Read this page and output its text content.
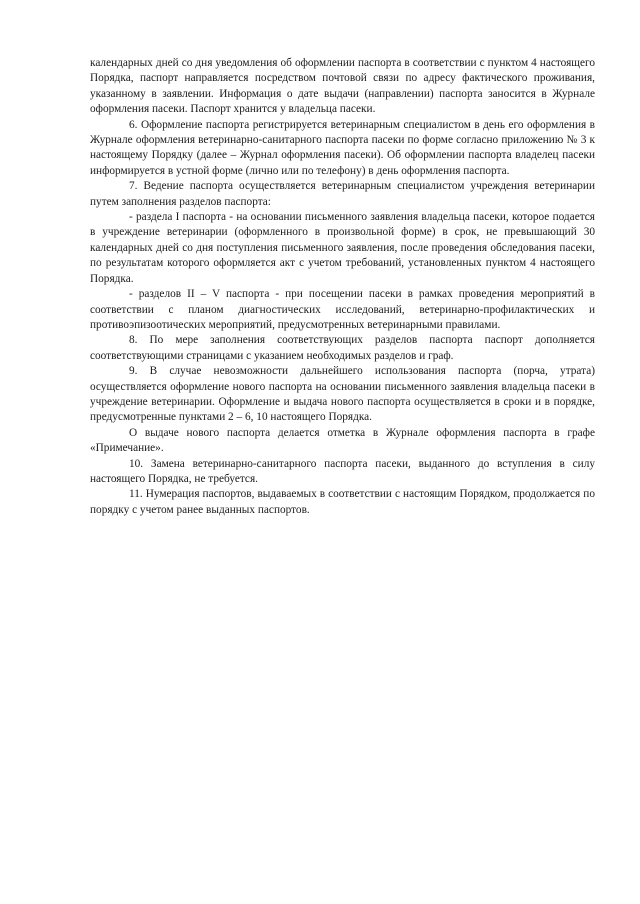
календарных дней со дня уведомления об оформлении паспорта в соответствии с пунктом 4 настоящего Порядка, паспорт направляется посредством почтовой связи по адресу фактического проживания, указанному в заявлении. Информация о дате выдачи (направлении) паспорта заносится в Журнале оформления пасеки. Паспорт хранится у владельца пасеки.

6. Оформление паспорта регистрируется ветеринарным специалистом в день его оформления в Журнале оформления ветеринарно-санитарного паспорта пасеки по форме согласно приложению № 3 к настоящему Порядку (далее – Журнал оформления пасеки). Об оформлении паспорта владелец пасеки информируется в устной форме (лично или по телефону) в день оформления паспорта.

7. Ведение паспорта осуществляется ветеринарным специалистом учреждения ветеринарии путем заполнения разделов паспорта:

- раздела I паспорта - на основании письменного заявления владельца пасеки, которое подается в учреждение ветеринарии (оформленного в произвольной форме) в срок, не превышающий 30 календарных дней со дня поступления письменного заявления, после проведения обследования пасеки, по результатам которого оформляется акт с учетом требований, установленных пунктом 4 настоящего Порядка.

- разделов II – V паспорта - при посещении пасеки в рамках проведения мероприятий в соответствии с планом диагностических исследований, ветеринарно-профилактических и противоэпизоотических мероприятий, предусмотренных ветеринарными правилами.

8. По мере заполнения соответствующих разделов паспорта паспорт дополняется соответствующими страницами с указанием необходимых разделов и граф.

9. В случае невозможности дальнейшего использования паспорта (порча, утрата) осуществляется оформление нового паспорта на основании письменного заявления владельца пасеки в учреждение ветеринарии. Оформление и выдача нового паспорта осуществляется в сроки и в порядке, предусмотренные пунктами 2 – 6, 10 настоящего Порядка.

О выдаче нового паспорта делается отметка в Журнале оформления паспорта в графе «Примечание».

10. Замена ветеринарно-санитарного паспорта пасеки, выданного до вступления в силу настоящего Порядка, не требуется.

11. Нумерация паспортов, выдаваемых в соответствии с настоящим Порядком, продолжается по порядку с учетом ранее выданных паспортов.
